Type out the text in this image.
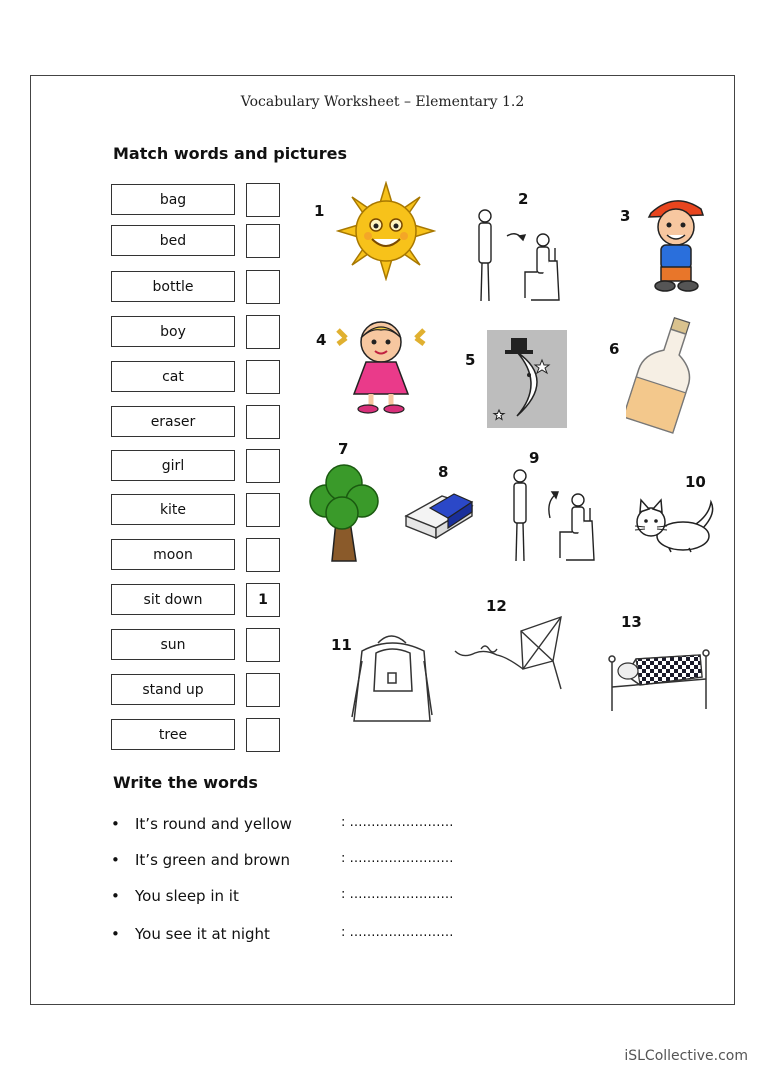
Vocabulary Worksheet – Elementary 1.2
Match words and pictures
bag
bed
bottle
boy
cat
eraser
girl
kite
moon
sit down	1
sun
stand up
tree
1
2
3
4
5
6
7
8
9
10
11
12
13
Write the words
• It’s round and yellow	: ……………………
• It’s green and brown	: ……………………
• You sleep in it	: ……………………
• You see it at night	: ……………………
iSLCollective.com
